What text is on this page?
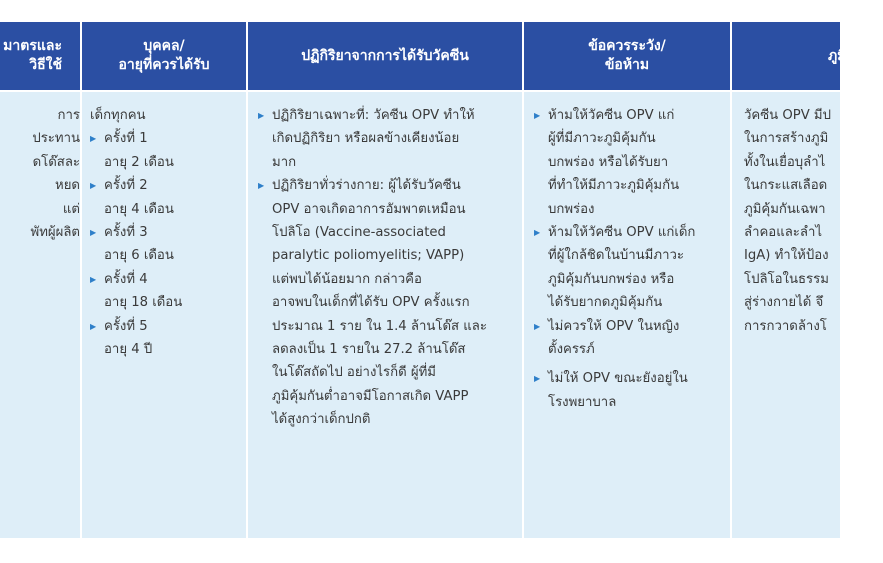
มาตรและ
วิธีใช้
การ
ประทาน
ดโด๊สละ
หยด
แต่
พัทผู้ผลิต
บุคคล/
อายุที่ควรได้รับ
เด็กทุกคน
▶ ครั้งที่ 1
อายุ 2 เดือน
▶ ครั้งที่ 2
อายุ 4 เดือน
▶ ครั้งที่ 3
อายุ 6 เดือน
▶ ครั้งที่ 4
อายุ 18 เดือน
▶ ครั้งที่ 5
อายุ 4 ปี
ปฏิกิริยาจากการได้รับวัคซีน
▶ ปฏิกิริยาเฉพาะที่: วัคซีน OPV ทำให้
เกิดปฏิกิริยา หรือผลข้างเคียงน้อย
มาก
▶ ปฏิกิริยาทั่วร่างกาย: ผู้ได้รับวัคซีน
OPV อาจเกิดอาการอัมพาตเหมือน
โปลิโอ (Vaccine-associated
paralytic poliomyelitis; VAPP)
แต่พบได้น้อยมาก กล่าวคือ
อาจพบในเด็กที่ได้รับ OPV ครั้งแรก
ประมาณ 1 ราย ใน 1.4 ล้านโด๊ส และ
ลดลงเป็น 1 รายใน 27.2 ล้านโด๊ส
ในโด๊สถัดไป อย่างไรก็ดี ผู้ที่มี
ภูมิคุ้มกันต่ำอาจมีโอกาสเกิด VAPP
ได้สูงกว่าเด็กปกติ
ข้อควรระวัง/
ข้อห้าม
▶ ห้ามให้วัคซีน OPV แก่
ผู้ที่มีภาวะภูมิคุ้มกัน
บกพร่อง หรือได้รับยา
ที่ทำให้มีภาวะภูมิคุ้มกัน
บกพร่อง
▶ ห้ามให้วัคซีน OPV แก่เด็ก
ที่ผู้ใกล้ชิดในบ้านมีภาวะ
ภูมิคุ้มกันบกพร่อง หรือ
ได้รับยากดภูมิคุ้มกัน
▶ ไม่ควรให้ OPV ในหญิง
ตั้งครรภ์
▶ ไม่ให้ OPV ขณะยังอยู่ใน
โรงพยาบาล
ภูมิคุ้มกัน
วัคซีน OPV มีป
ในการสร้างภูมิ
ทั้งในเยื่อบุลำไ
ในกระแสเลือด
ภูมิคุ้มกันเฉพา
ลำคอและลำไ
IgA) ทำให้ป้อง
โปลิโอในธรรม
สู่ร่างกายได้ จึ
การกวาดล้างโ
